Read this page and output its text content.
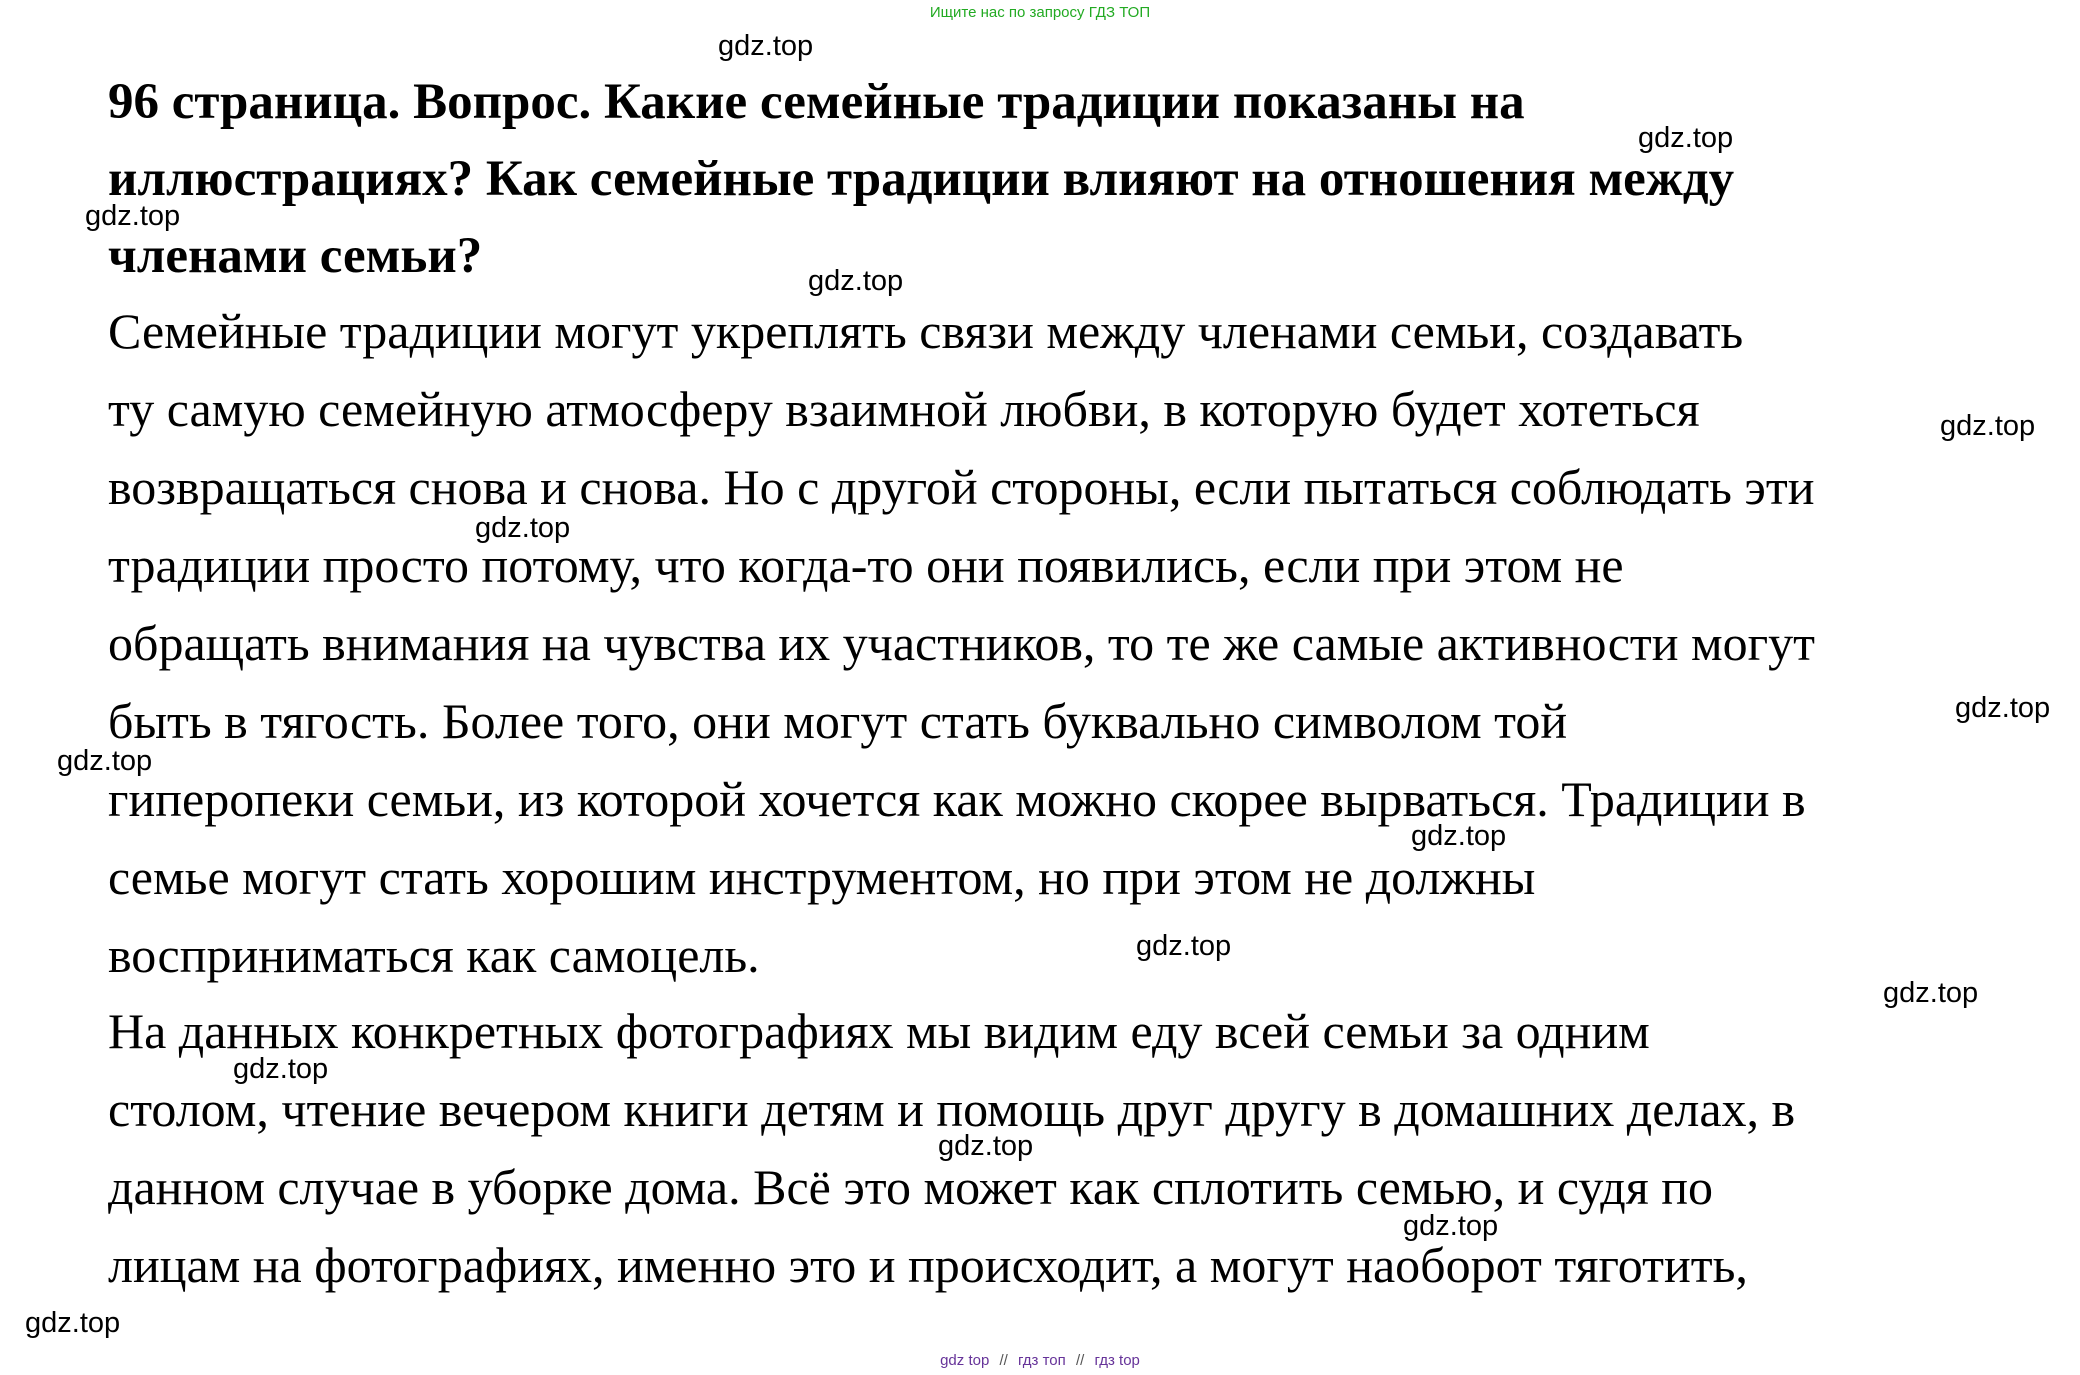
Ищите нас по запросу ГДЗ ТОП
96 страница. Вопрос. Какие семейные традиции показаны на
иллюстрациях? Как семейные традиции влияют на отношения между
членами семьи?

Семейные традиции могут укреплять связи между членами семьи, создавать
ту самую семейную атмосферу взаимной любви, в которую будет хотеться
возвращаться снова и снова. Но с другой стороны, если пытаться соблюдать эти
традиции просто потому, что когда-то они появились, если при этом не
обращать внимания на чувства их участников, то те же самые активности могут
быть в тягость. Более того, они могут стать буквально символом той
гиперопеки семьи, из которой хочется как можно скорее вырваться. Традиции в
семье могут стать хорошим инструментом, но при этом не должны
восприниматься как самоцель.

На данных конкретных фотографиях мы видим еду всей семьи за одним
столом, чтение вечером книги детям и помощь друг другу в домашних делах, в
данном случае в уборке дома. Всё это может как сплотить семью, и судя по
лицам на фотографиях, именно это и происходит, а могут наоборот тяготить,

gdz.top
gdz.top
gdz.top
gdz.top
gdz.top
gdz.top
gdz.top
gdz.top
gdz.top
gdz.top
gdz.top
gdz.top
gdz.top
gdz.top
gdz.top
gdz top // гдз топ // гдз top
